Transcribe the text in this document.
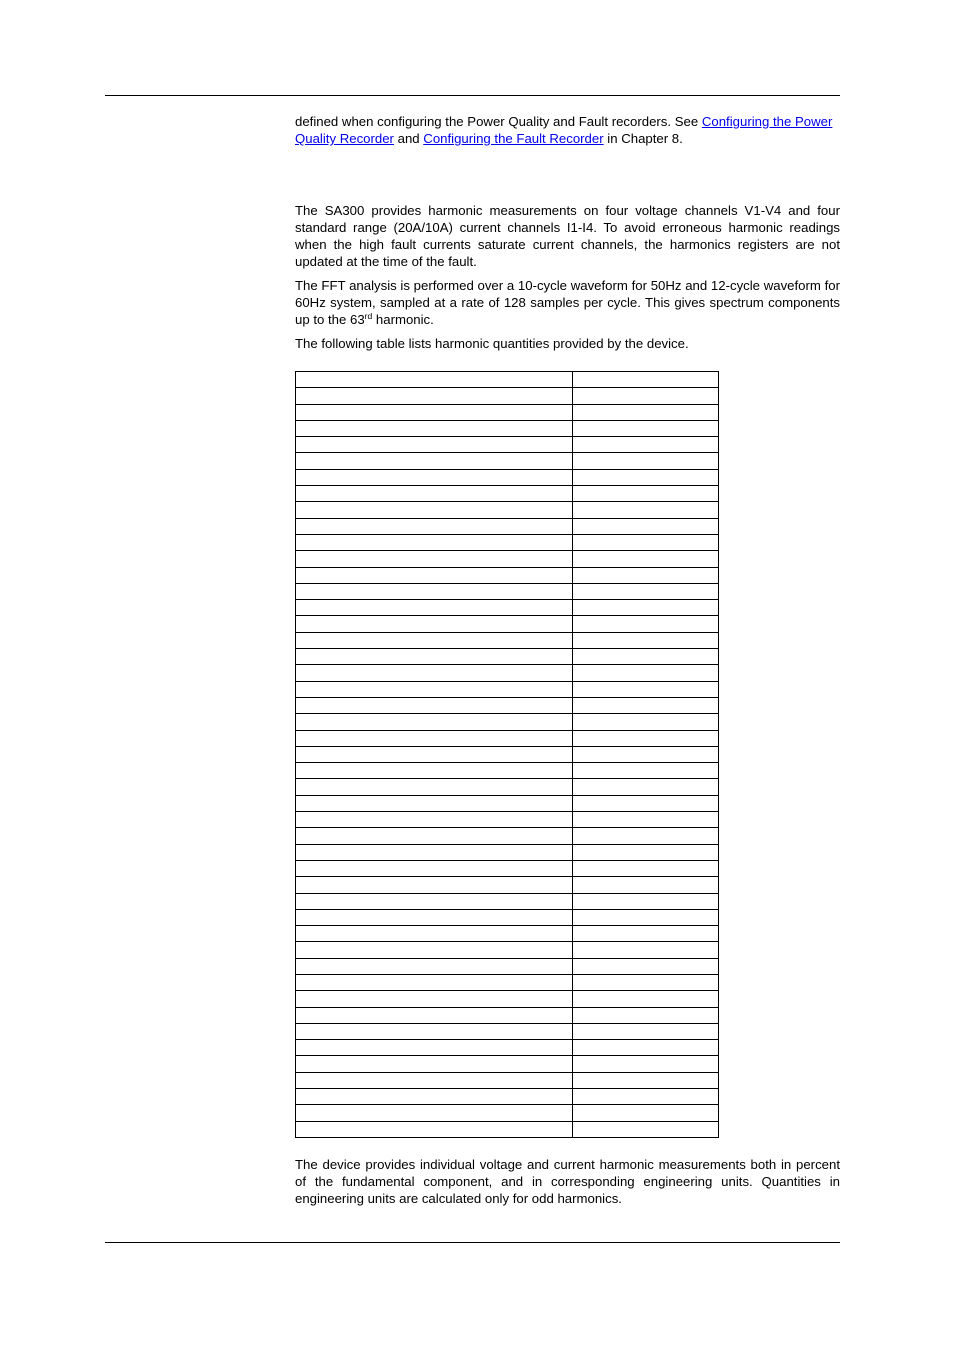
defined when configuring the Power Quality and Fault recorders. See Configuring the Power Quality Recorder and Configuring the Fault Recorder in Chapter 8.
The SA300 provides harmonic measurements on four voltage channels V1-V4 and four standard range (20A/10A) current channels I1-I4. To avoid erroneous harmonic readings when the high fault currents saturate current channels, the harmonics registers are not updated at the time of the fault.
The FFT analysis is performed over a 10-cycle waveform for 50Hz and 12-cycle waveform for 60Hz system, sampled at a rate of 128 samples per cycle. This gives spectrum components up to the 63rd harmonic.
The following table lists harmonic quantities provided by the device.

The device provides individual voltage and current harmonic measurements both in percent of the fundamental component, and in corresponding engineering units. Quantities in engineering units are calculated only for odd harmonics.
